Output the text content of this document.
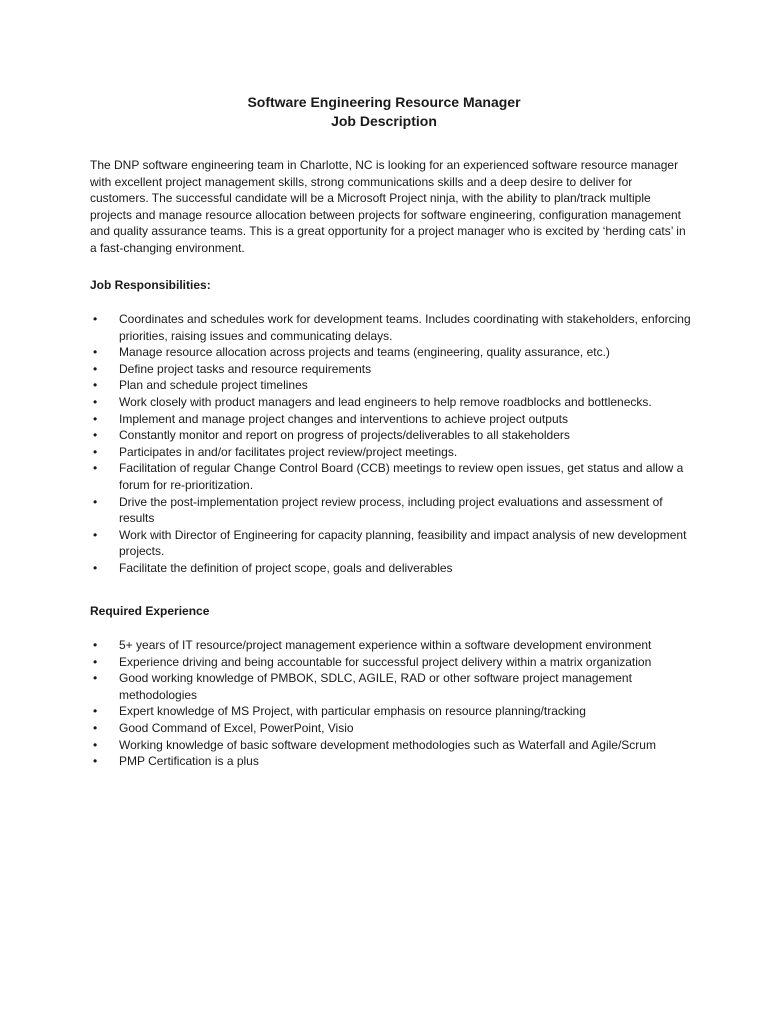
Software Engineering Resource Manager
Job Description

The DNP software engineering team in Charlotte, NC is looking for an experienced software resource manager with excellent project management skills, strong communications skills and a deep desire to deliver for customers. The successful candidate will be a Microsoft Project ninja, with the ability to plan/track multiple projects and manage resource allocation between projects for software engineering, configuration management and quality assurance teams. This is a great opportunity for a project manager who is excited by ‘herding cats’ in a fast-changing environment.

Job Responsibilities:

• Coordinates and schedules work for development teams. Includes coordinating with stakeholders, enforcing priorities, raising issues and communicating delays.
• Manage resource allocation across projects and teams (engineering, quality assurance, etc.)
• Define project tasks and resource requirements
• Plan and schedule project timelines
• Work closely with product managers and lead engineers to help remove roadblocks and bottlenecks.
• Implement and manage project changes and interventions to achieve project outputs
• Constantly monitor and report on progress of projects/deliverables to all stakeholders
• Participates in and/or facilitates project review/project meetings.
• Facilitation of regular Change Control Board (CCB) meetings to review open issues, get status and allow a forum for re-prioritization.
• Drive the post-implementation project review process, including project evaluations and assessment of results
• Work with Director of Engineering for capacity planning, feasibility and impact analysis of new development projects.
• Facilitate the definition of project scope, goals and deliverables

Required Experience

• 5+ years of IT resource/project management experience within a software development environment
• Experience driving and being accountable for successful project delivery within a matrix organization
• Good working knowledge of PMBOK, SDLC, AGILE, RAD or other software project management methodologies
• Expert knowledge of MS Project, with particular emphasis on resource planning/tracking
• Good Command of Excel, PowerPoint, Visio
• Working knowledge of basic software development methodologies such as Waterfall and Agile/Scrum
• PMP Certification is a plus
